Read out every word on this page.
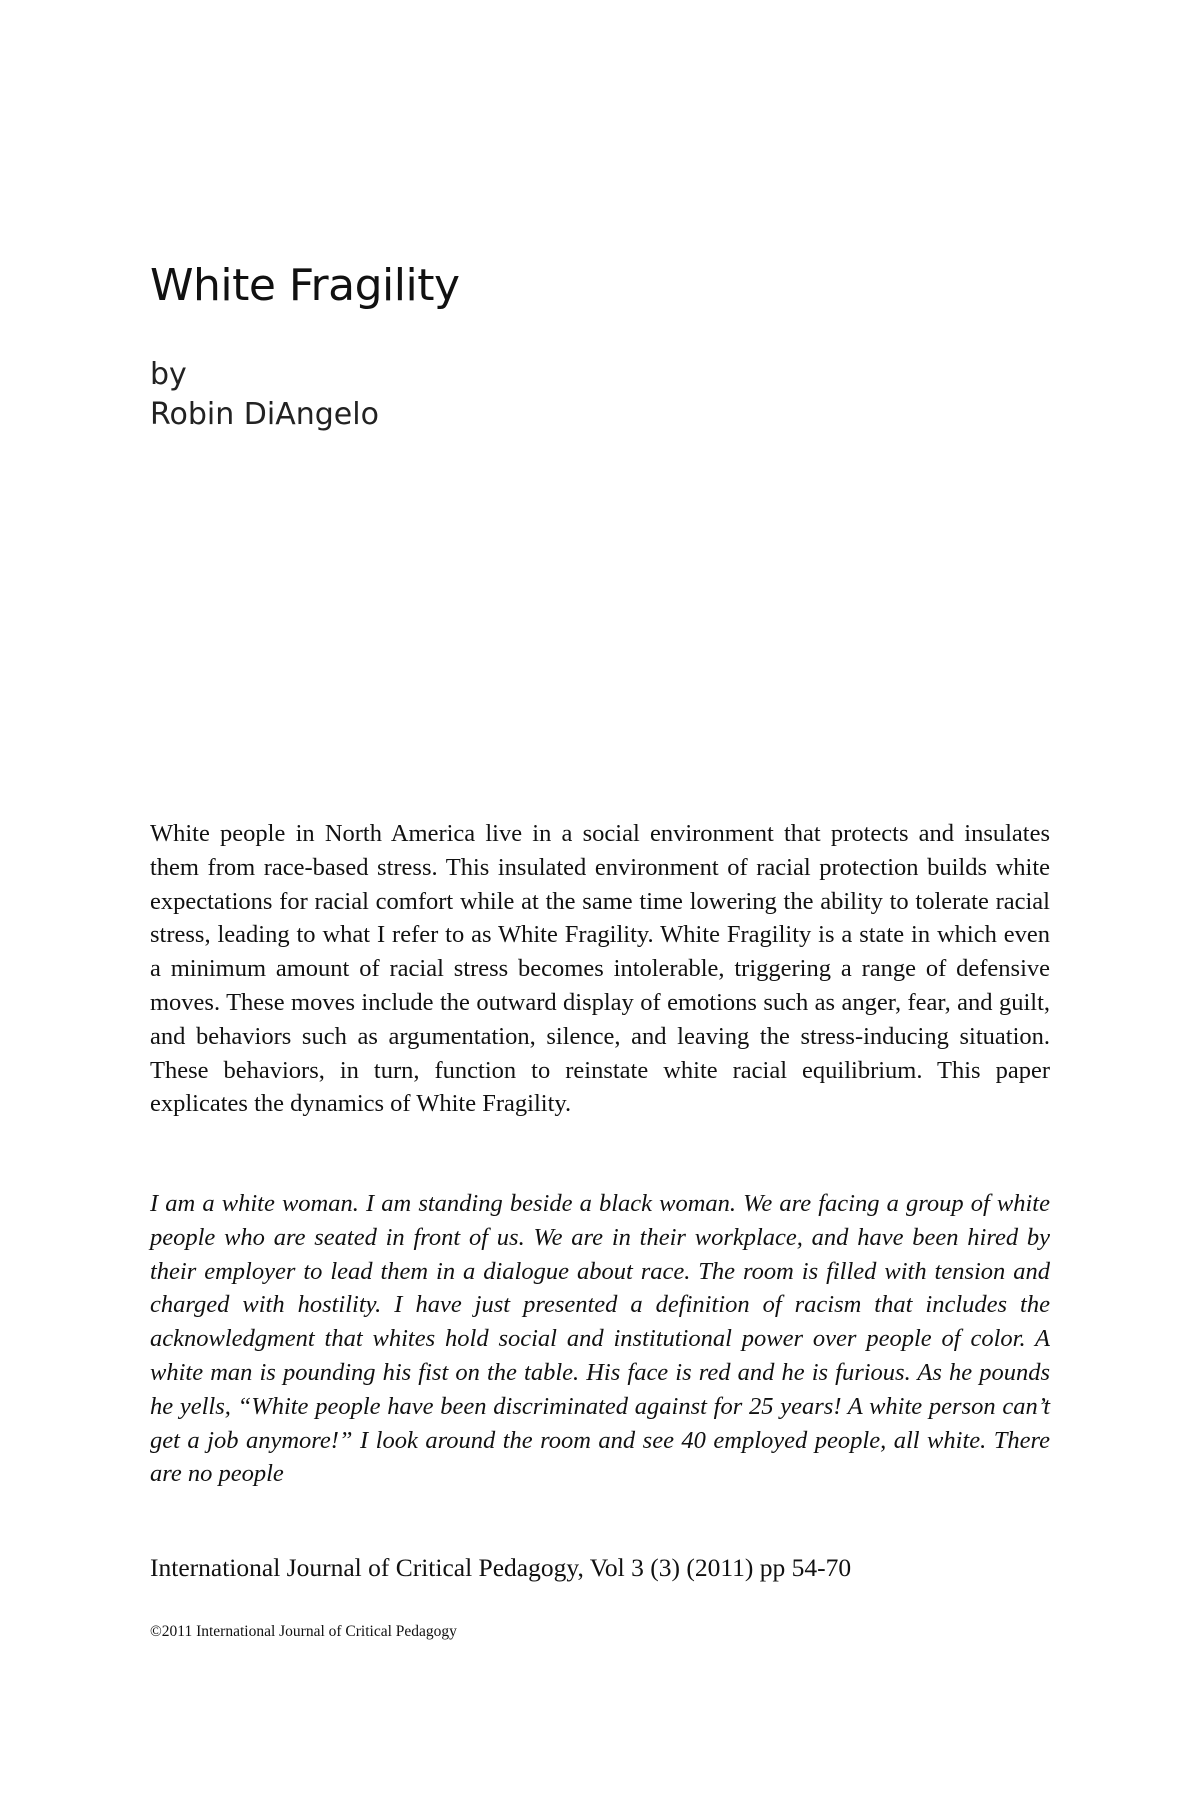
White Fragility
by
Robin DiAngelo

White people in North America live in a social environment that protects and insulates them from race-based stress. This insulated environment of racial protection builds white expectations for racial comfort while at the same time lowering the ability to tolerate racial stress, leading to what I refer to as White Fragility. White Fragility is a state in which even a minimum amount of racial stress becomes intolerable, triggering a range of defensive moves. These moves include the outward display of emotions such as anger, fear, and guilt, and behaviors such as argumentation, silence, and leaving the stress-inducing situation. These behaviors, in turn, function to reinstate white racial equilibrium. This paper explicates the dynamics of White Fragility.

I am a white woman. I am standing beside a black woman. We are facing a group of white people who are seated in front of us. We are in their workplace, and have been hired by their employer to lead them in a dialogue about race. The room is filled with tension and charged with hostility. I have just presented a definition of racism that includes the acknowledgment that whites hold social and institutional power over people of color. A white man is pounding his fist on the table. His face is red and he is furious. As he pounds he yells, “White people have been discriminated against for 25 years! A white person can’t get a job anymore!” I look around the room and see 40 employed people, all white. There are no people

International Journal of Critical Pedagogy, Vol 3 (3) (2011) pp 54-70

©2011 International Journal of Critical Pedagogy
